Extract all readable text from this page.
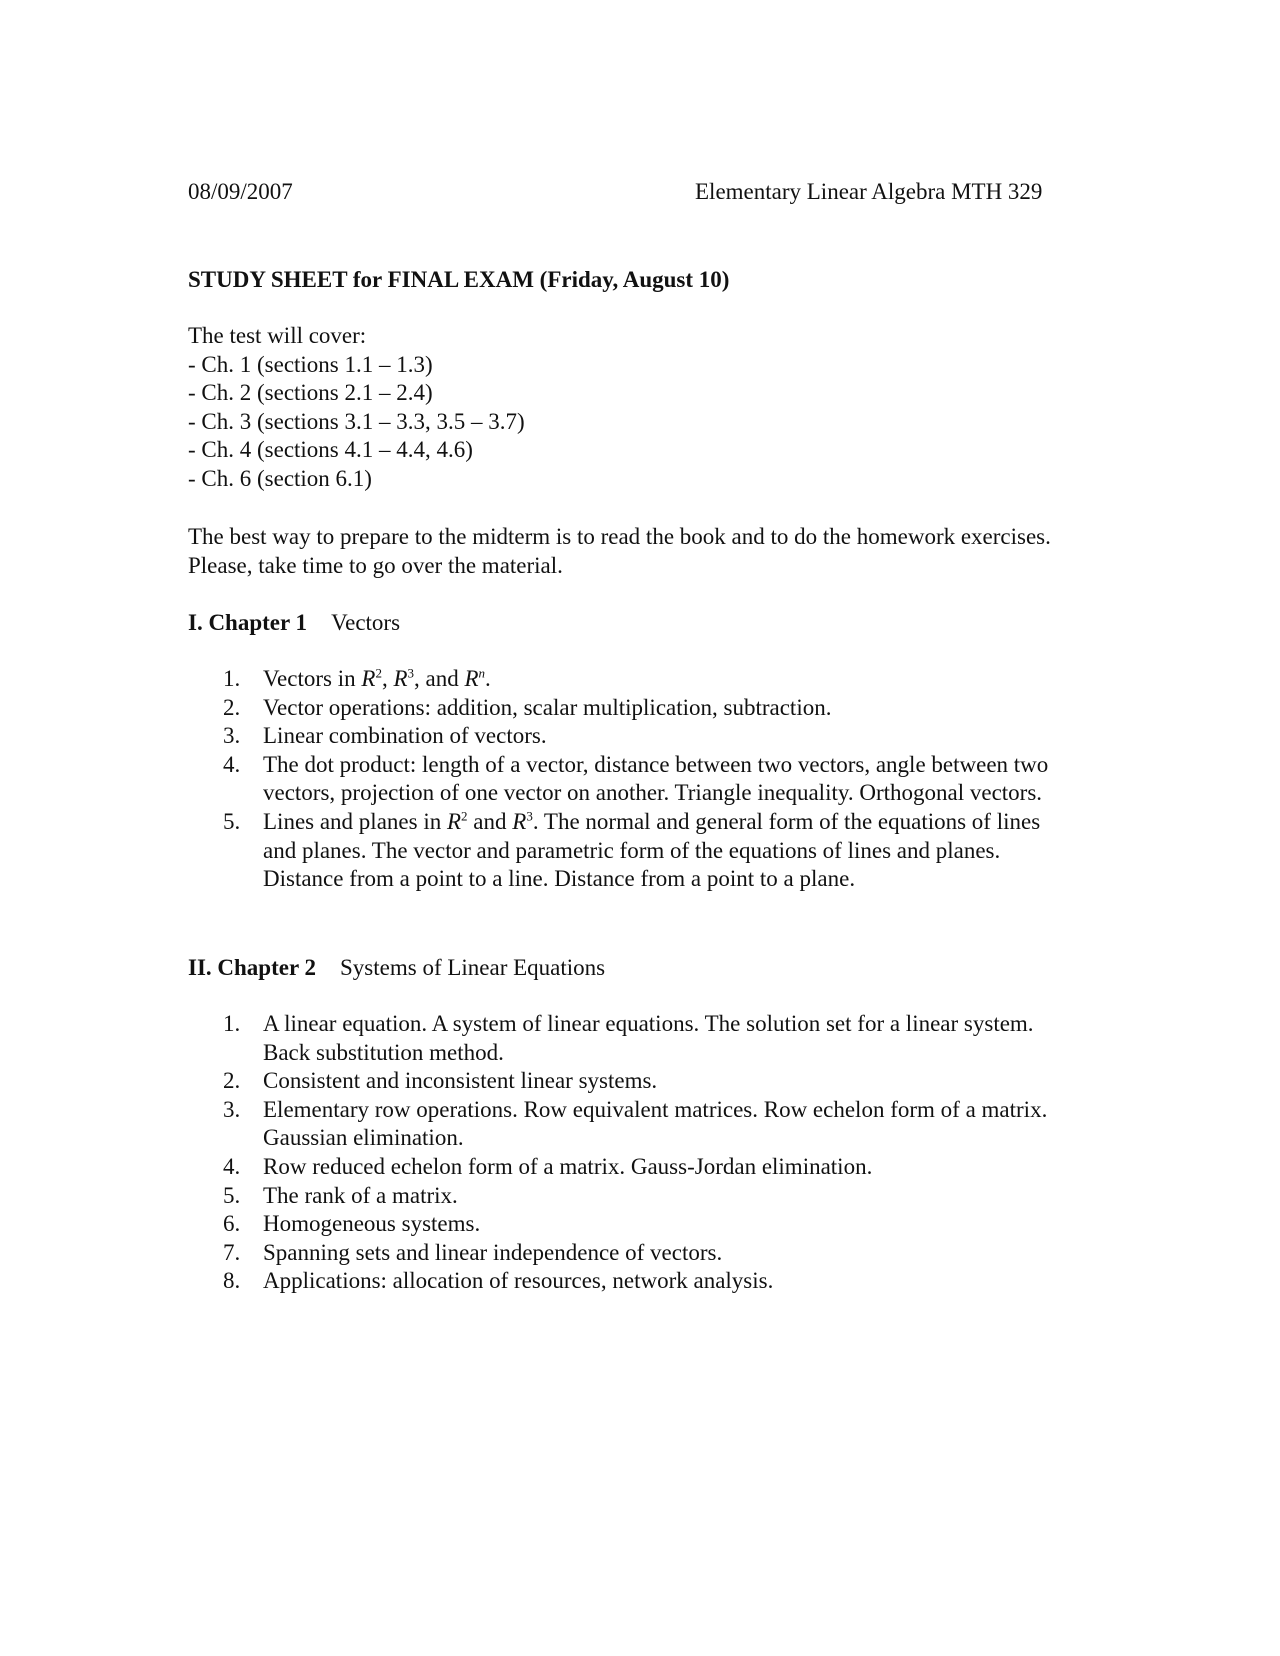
08/09/2007	Elementary Linear Algebra MTH 329
STUDY SHEET for FINAL EXAM (Friday, August 10)
The test will cover:
- Ch. 1 (sections 1.1 – 1.3)
- Ch. 2 (sections 2.1 – 2.4)
- Ch. 3 (sections 3.1 – 3.3, 3.5 – 3.7)
- Ch. 4 (sections 4.1 – 4.4, 4.6)
- Ch. 6 (section 6.1)
The best way to prepare to the midterm is to read the book and to do the homework exercises. Please, take time to go over the material.
I. Chapter 1 Vectors
1. Vectors in $R^2$, $R^3$, and $R^n$.
2. Vector operations: addition, scalar multiplication, subtraction.
3. Linear combination of vectors.
4. The dot product: length of a vector, distance between two vectors, angle between two vectors, projection of one vector on another. Triangle inequality. Orthogonal vectors.
5. Lines and planes in $R^2$ and $R^3$. The normal and general form of the equations of lines and planes. The vector and parametric form of the equations of lines and planes. Distance from a point to a line. Distance from a point to a plane.
II. Chapter 2 Systems of Linear Equations
1. A linear equation. A system of linear equations. The solution set for a linear system. Back substitution method.
2. Consistent and inconsistent linear systems.
3. Elementary row operations. Row equivalent matrices. Row echelon form of a matrix. Gaussian elimination.
4. Row reduced echelon form of a matrix. Gauss-Jordan elimination.
5. The rank of a matrix.
6. Homogeneous systems.
7. Spanning sets and linear independence of vectors.
8. Applications: allocation of resources, network analysis.
